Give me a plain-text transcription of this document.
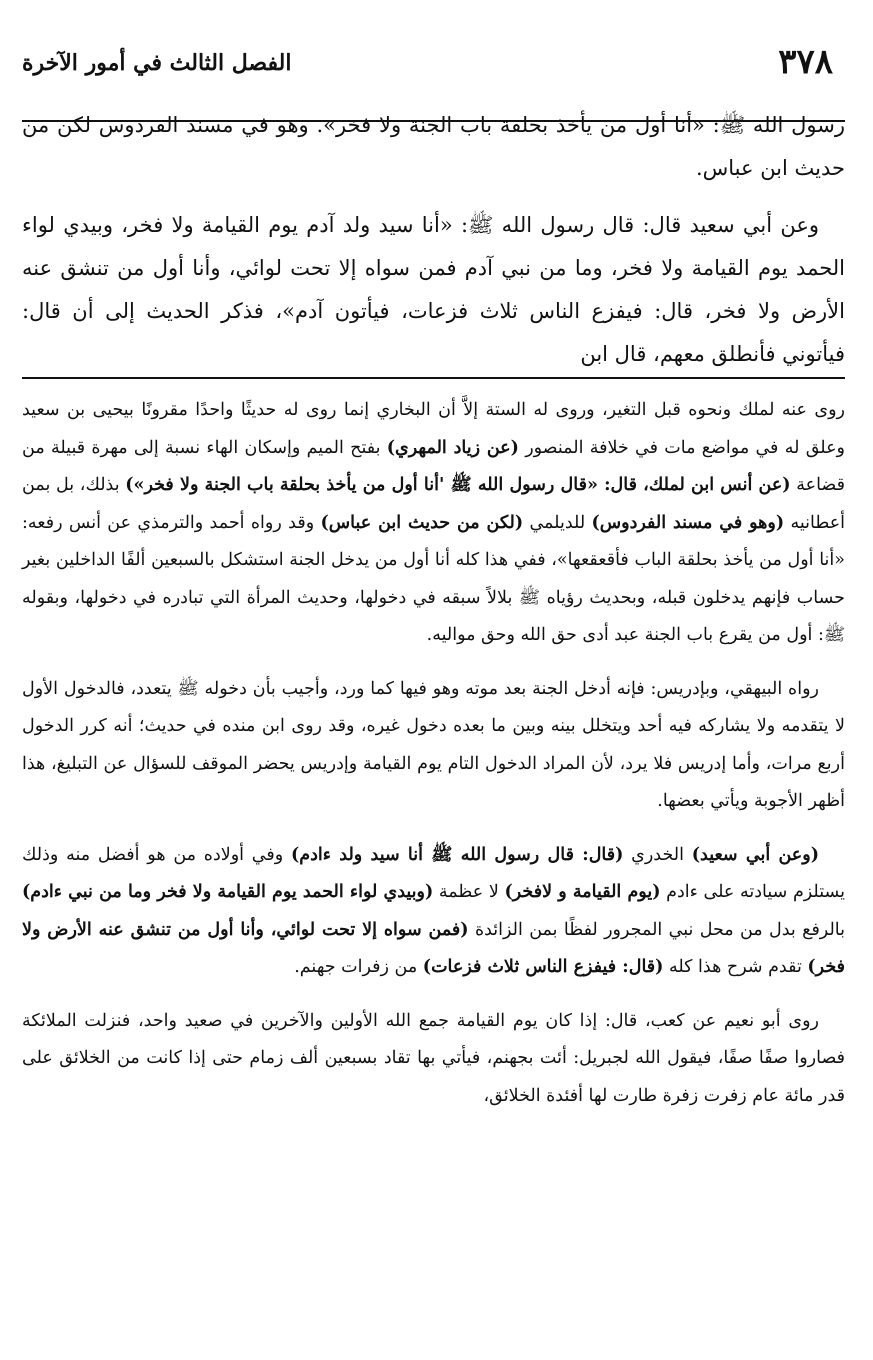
الفصل الثالث في أمور الآخرة	٣٧٨

رسول الله ﷺ: «أنا أول من يأخذ بحلقة باب الجنة ولا فخر». وهو في مسند الفردوس لكن من حديث ابن عباس.

وعن أبي سعيد قال: قال رسول الله ﷺ: «أنا سيد ولد آدم يوم القيامة ولا فخر، وبيدي لواء الحمد يوم القيامة ولا فخر، وما من نبي آدم فمن سواه إلا تحت لوائي، وأنا أول من تنشق عنه الأرض ولا فخر، قال: فيفزع الناس ثلاث فزعات، فيأتون آدم»، فذكر الحديث إلى أن قال: فيأتوني فأنطلق معهم، قال ابن

روى عنه لملك ونحوه قبل التغير، وروى له الستة إلاَّ أن البخاري إنما روى له حديثًا واحدًا مقرونًا بيحيى بن سعيد وعلق له في مواضع مات في خلافة المنصور (عن زياد المهري) بفتح الميم وإسكان الهاء نسبة إلى مهرة قبيلة من قضاعة (عن أنس ابن لملك، قال: «قال رسول الله ﷺ 'أنا أول من يأخذ بحلقة باب الجنة ولا فخر») بذلك، بل بمن أعطانيه (وهو في مسند الفردوس) للديلمي (لكن من حديث ابن عباس) وقد رواه أحمد والترمذي عن أنس رفعه: «أنا أول من يأخذ بحلقة الباب فأقعقعها»، ففي هذا كله أنا أول من يدخل الجنة استشكل بالسبعين ألفًا الداخلين بغير حساب فإنهم يدخلون قبله، وبحديث رؤياه ﷺ بلالاً سبقه في دخولها، وحديث المرأة التي تبادره في دخولها، وبقوله ﷺ: أول من يقرع باب الجنة عبد أدى حق الله وحق مواليه.

رواه البيهقي، وبإدريس: فإنه أدخل الجنة بعد موته وهو فيها كما ورد، وأجيب بأن دخوله ﷺ يتعدد، فالدخول الأول لا يتقدمه ولا يشاركه فيه أحد ويتخلل بينه وبين ما بعده دخول غيره، وقد روى ابن منده في حديث؛ أنه كرر الدخول أربع مرات، وأما إدريس فلا يرد، لأن المراد الدخول التام يوم القيامة وإدريس يحضر الموقف للسؤال عن التبليغ، هذا أظهر الأجوبة ويأتي بعضها.

(وعن أبي سعيد) الخدري (قال: قال رسول الله ﷺ أنا سيد ولد ءادم) وفي أولاده من هو أفضل منه وذلك يستلزم سيادته على ءادم (يوم القيامة و لافخر) لا عظمة (وبيدي لواء الحمد يوم القيامة ولا فخر وما من نبي ءادم) بالرفع بدل من محل نبي المجرور لفظًا بمن الزائدة (فمن سواه إلا تحت لوائي، وأنا أول من تنشق عنه الأرض ولا فخر) تقدم شرح هذا كله (قال: فيفزع الناس ثلاث فزعات) من زفرات جهنم.

روى أبو نعيم عن كعب، قال: إذا كان يوم القيامة جمع الله الأولين والآخرين في صعيد واحد، فنزلت الملائكة فصاروا صفًا صفًا، فيقول الله لجبريل: أئت بجهنم، فيأتي بها تقاد بسبعين ألف زمام حتى إذا كانت من الخلائق على قدر مائة عام زفرت زفرة طارت لها أفئدة الخلائق،
